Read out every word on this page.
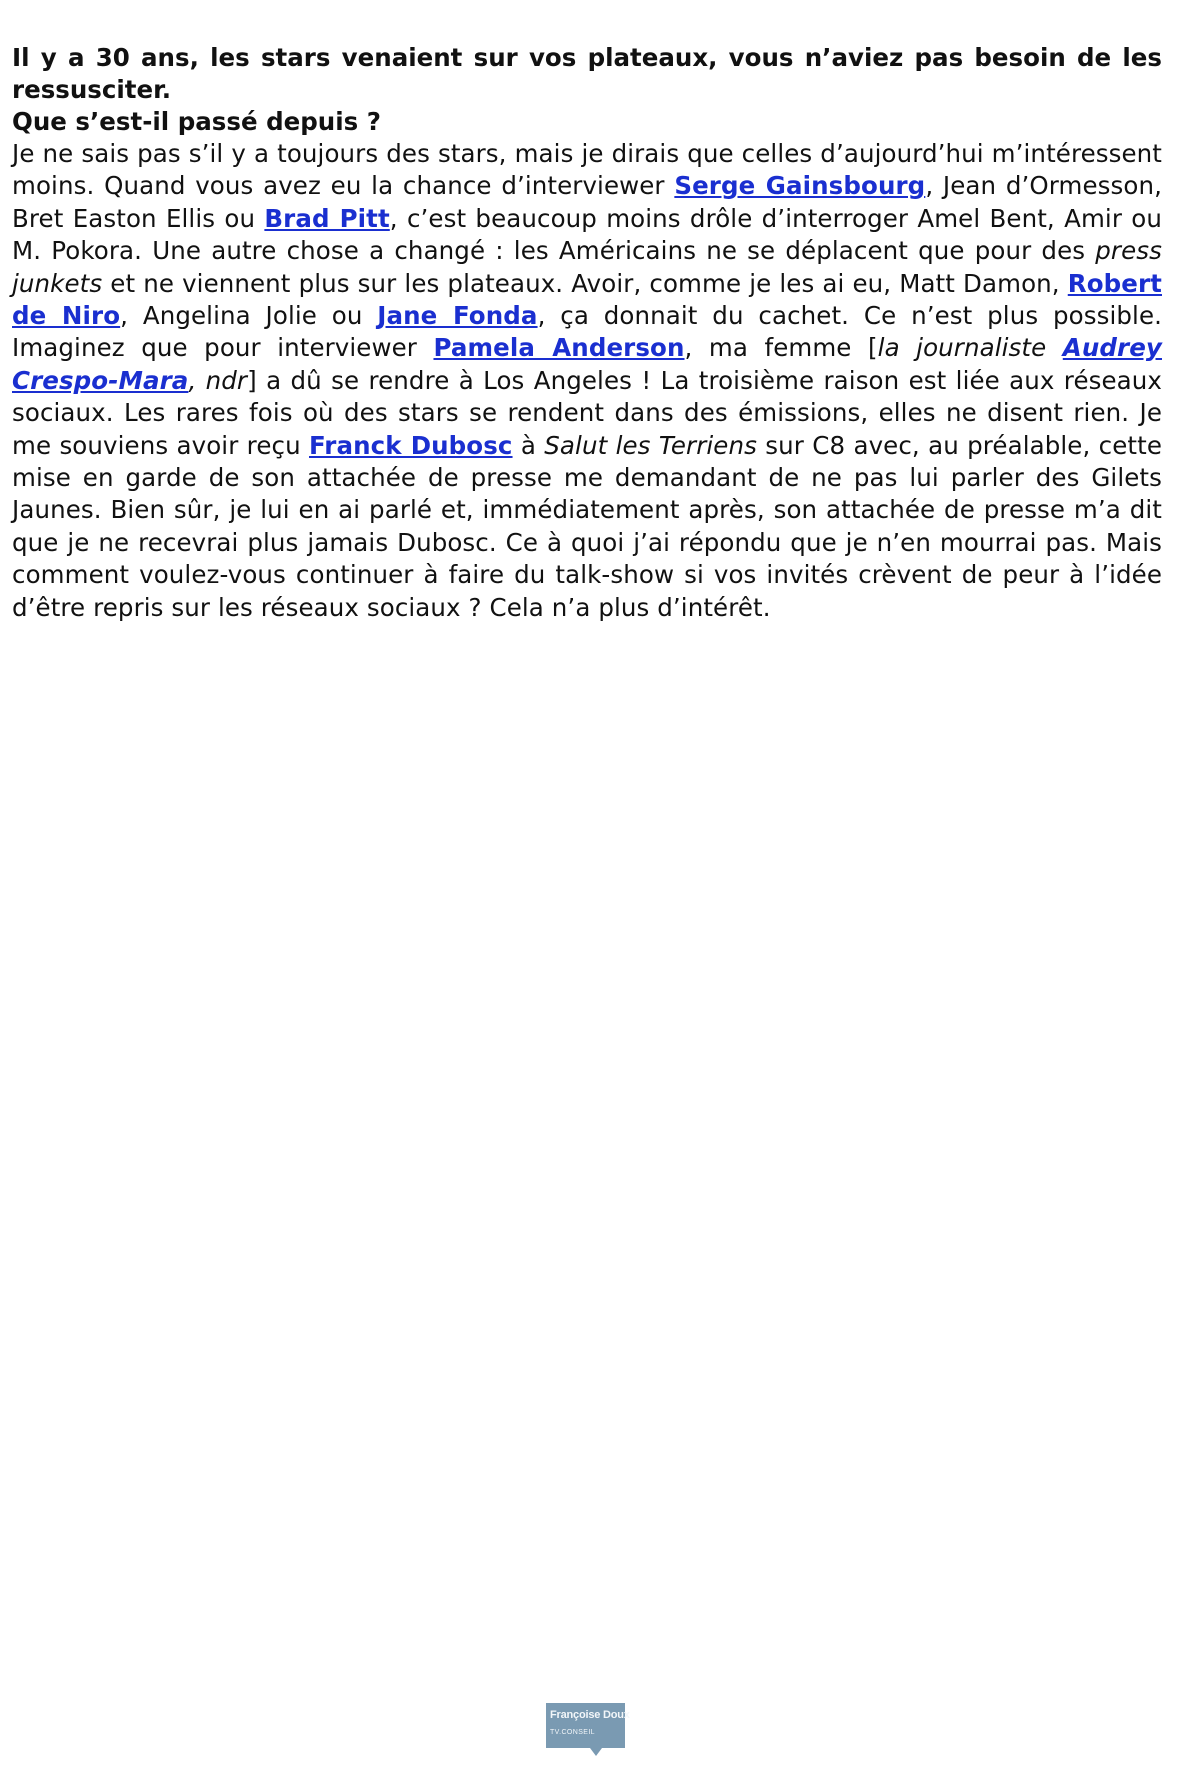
Il y a 30 ans, les stars venaient sur vos plateaux, vous n’aviez pas besoin de les ressusciter.
Que s’est-il passé depuis ?

Je ne sais pas s’il y a toujours des stars, mais je dirais que celles d’aujourd’hui m’intéressent moins. Quand vous avez eu la chance d’interviewer Serge Gainsbourg, Jean d’Ormesson, Bret Easton Ellis ou Brad Pitt, c’est beaucoup moins drôle d’interroger Amel Bent, Amir ou M. Pokora. Une autre chose a changé : les Américains ne se déplacent que pour des press junkets et ne viennent plus sur les plateaux. Avoir, comme je les ai eu, Matt Damon, Robert de Niro, Angelina Jolie ou Jane Fonda, ça donnait du cachet. Ce n’est plus possible. Imaginez que pour interviewer Pamela Anderson, ma femme [la journaliste Audrey Crespo-Mara, ndr] a dû se rendre à Los Angeles ! La troisième raison est liée aux réseaux sociaux. Les rares fois où des stars se rendent dans des émissions, elles ne disent rien. Je me souviens avoir reçu Franck Dubosc à Salut les Terriens sur C8 avec, au préalable, cette mise en garde de son attachée de presse me demandant de ne pas lui parler des Gilets Jaunes. Bien sûr, je lui en ai parlé et, immédiatement après, son attachée de presse m’a dit que je ne recevrai plus jamais Dubosc. Ce à quoi j’ai répondu que je n’en mourrai pas. Mais comment voulez-vous continuer à faire du talk-show si vos invités crèvent de peur à l’idée d’être repris sur les réseaux sociaux ? Cela n’a plus d’intérêt.

Françoise Doux
TV.CONSEIL
